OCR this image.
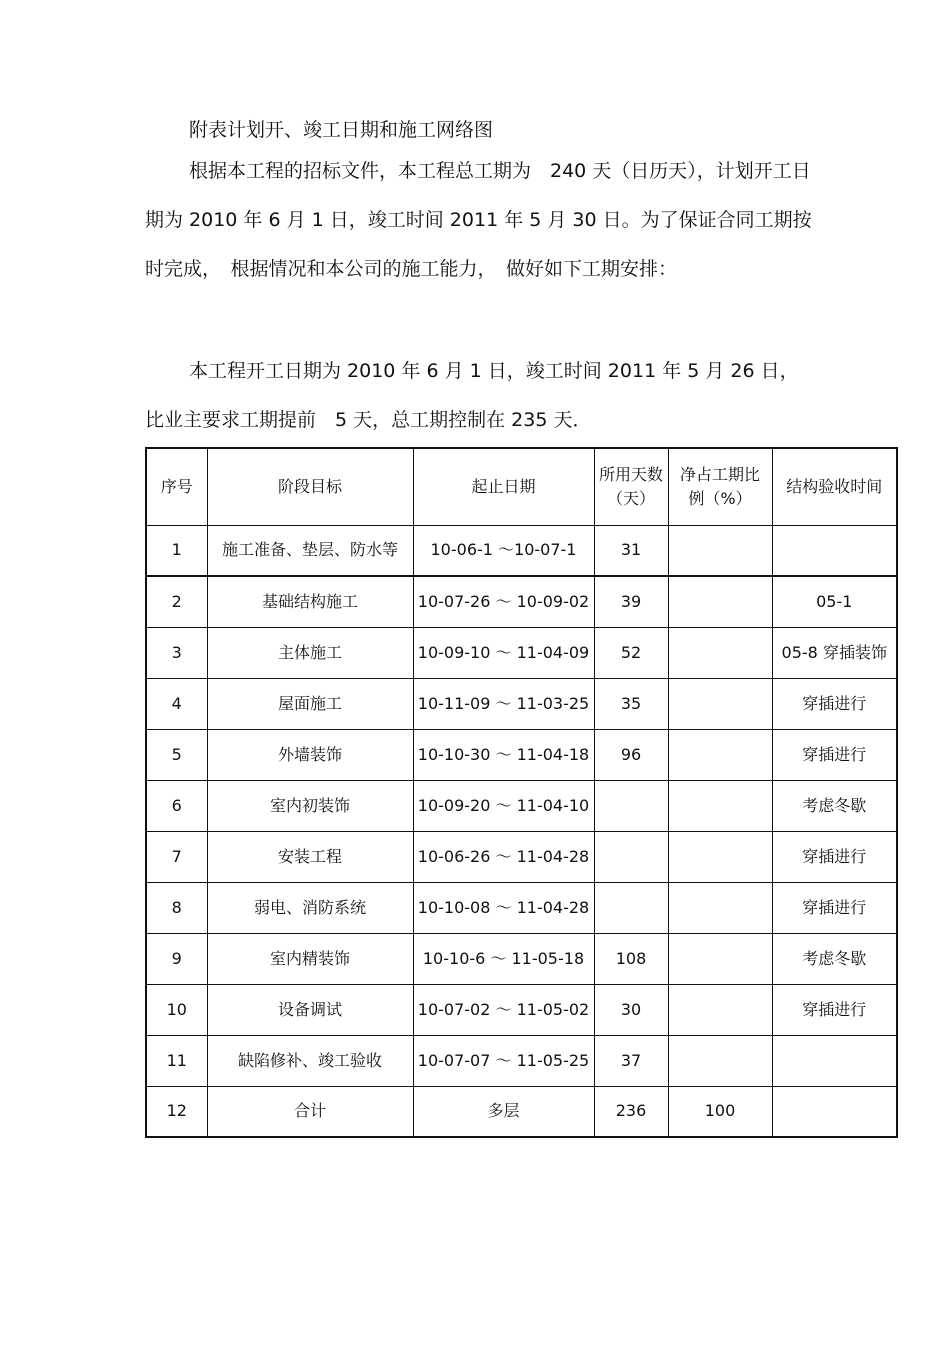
附表计划开、竣工日期和施工网络图

根据本工程的招标文件，本工程总工期为　240 天（日历天），计划开工日期为 2010 年 6 月 1 日，竣工时间 2011 年 5 月 30 日。为了保证合同工期按时完成，　根据情况和本公司的施工能力，　做好如下工期安排：

本工程开工日期为 2010 年 6 月 1 日，竣工时间 2011 年 5 月 26 日，比业主要求工期提前　5 天，总工期控制在 235 天．

序号	阶段目标	起止日期	所用天数（天）	净占工期比例（%）	结构验收时间
1	施工准备、垫层、防水等	10-06-1 ～10-07-1	31		
2	基础结构施工	10-07-26 ～ 10-09-02	39		05-1
3	主体施工	10-09-10 ～ 11-04-09	52		05-8 穿插装饰
4	屋面施工	10-11-09 ～ 11-03-25	35		穿插进行
5	外墙装饰	10-10-30 ～ 11-04-18	96		穿插进行
6	室内初装饰	10-09-20 ～ 11-04-10			考虑冬歇
7	安装工程	10-06-26 ～ 11-04-28			穿插进行
8	弱电、消防系统	10-10-08 ～ 11-04-28			穿插进行
9	室内精装饰	10-10-6 ～ 11-05-18	108		考虑冬歇
10	设备调试	10-07-02 ～ 11-05-02	30		穿插进行
11	缺陷修补、竣工验收	10-07-07 ～ 11-05-25	37		
12	合计	多层	236	100	
